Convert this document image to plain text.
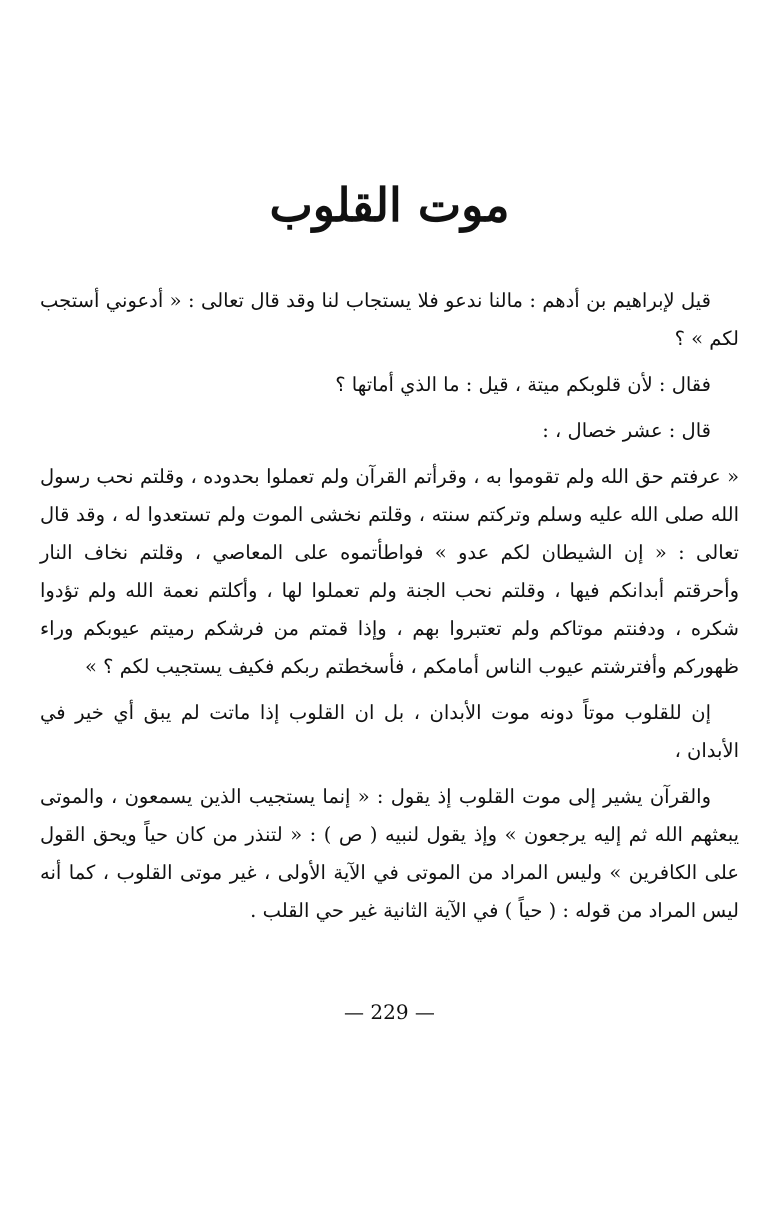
موت القلوب

قيل لإبراهيم بن أدهم : مالنا ندعو فلا يستجاب لنا وقد قال تعالى : « أدعوني أستجب لكم » ؟

فقال : لأن قلوبكم ميتة ، قيل : ما الذي أماتها ؟

قال : عشر خصال ، :

« عرفتم حق الله ولم تقوموا به ، وقرأتم القرآن ولم تعملوا بحدوده ، وقلتم نحب رسول الله صلى الله عليه وسلم وتركتم سنته ، وقلتم نخشى الموت ولم تستعدوا له ، وقد قال تعالى : « إن الشيطان لكم عدو » فواطأتموه على المعاصي ، وقلتم نخاف النار وأحرقتم أبدانكم فيها ، وقلتم نحب الجنة ولم تعملوا لها ، وأكلتم نعمة الله ولم تؤدوا شكره ، ودفنتم موتاكم ولم تعتبروا بهم ، وإذا قمتم من فرشكم رميتم عيوبكم وراء ظهوركم وأفترشتم عيوب الناس أمامكم ، فأسخطتم ربكم فكيف يستجيب لكم ؟ »

إن للقلوب موتاً دونه موت الأبدان ، بل ان القلوب إذا ماتت لم يبق أي خير في الأبدان ،

والقرآن يشير إلى موت القلوب إذ يقول : « إنما يستجيب الذين يسمعون ، والموتى يبعثهم الله ثم إليه يرجعون » وإذ يقول لنبيه ( ص ) : « لتنذر من كان حياً ويحق القول على الكافرين » وليس المراد من الموتى في الآية الأولى ، غير موتى القلوب ، كما أنه ليس المراد من قوله : ( حياً ) في الآية الثانية غير حي القلب .

— 229 —
